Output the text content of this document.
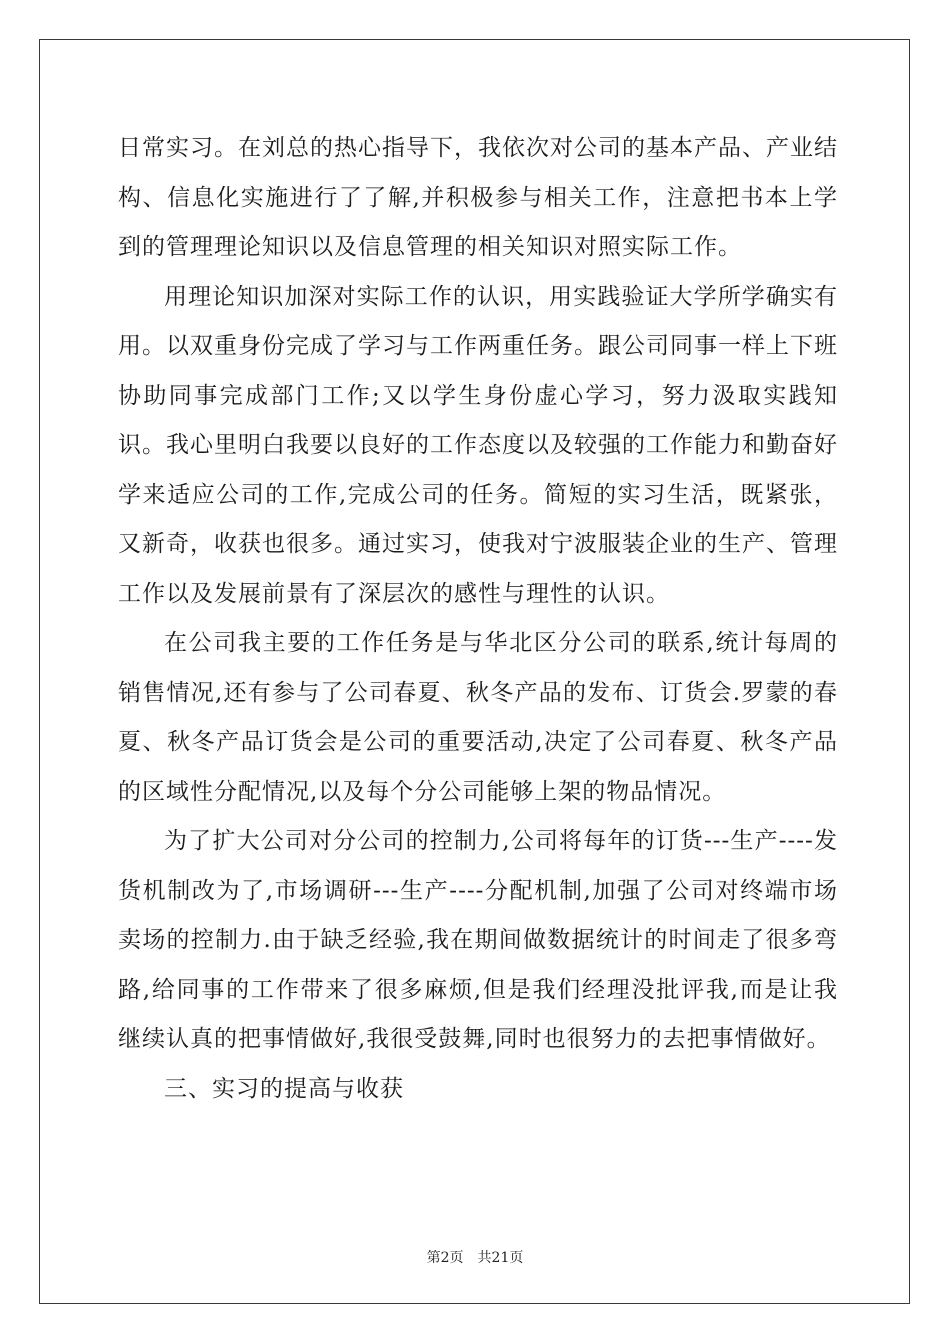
日常实习。在刘总的热心指导下，我依次对公司的基本产品、产业结构、信息化实施进行了了解,并积极参与相关工作，注意把书本上学到的管理理论知识以及信息管理的相关知识对照实际工作。

用理论知识加深对实际工作的认识，用实践验证大学所学确实有用。以双重身份完成了学习与工作两重任务。跟公司同事一样上下班协助同事完成部门工作;又以学生身份虚心学习，努力汲取实践知识。我心里明白我要以良好的工作态度以及较强的工作能力和勤奋好学来适应公司的工作,完成公司的任务。简短的实习生活，既紧张，又新奇，收获也很多。通过实习，使我对宁波服装企业的生产、管理工作以及发展前景有了深层次的感性与理性的认识。

在公司我主要的工作任务是与华北区分公司的联系,统计每周的销售情况,还有参与了公司春夏、秋冬产品的发布、订货会.罗蒙的春夏、秋冬产品订货会是公司的重要活动,决定了公司春夏、秋冬产品的区域性分配情况,以及每个分公司能够上架的物品情况。

为了扩大公司对分公司的控制力,公司将每年的订货---生产----发货机制改为了,市场调研---生产----分配机制,加强了公司对终端市场卖场的控制力.由于缺乏经验,我在期间做数据统计的时间走了很多弯路,给同事的工作带来了很多麻烦,但是我们经理没批评我,而是让我继续认真的把事情做好,我很受鼓舞,同时也很努力的去把事情做好。

三、实习的提高与收获

第2页 共21页
